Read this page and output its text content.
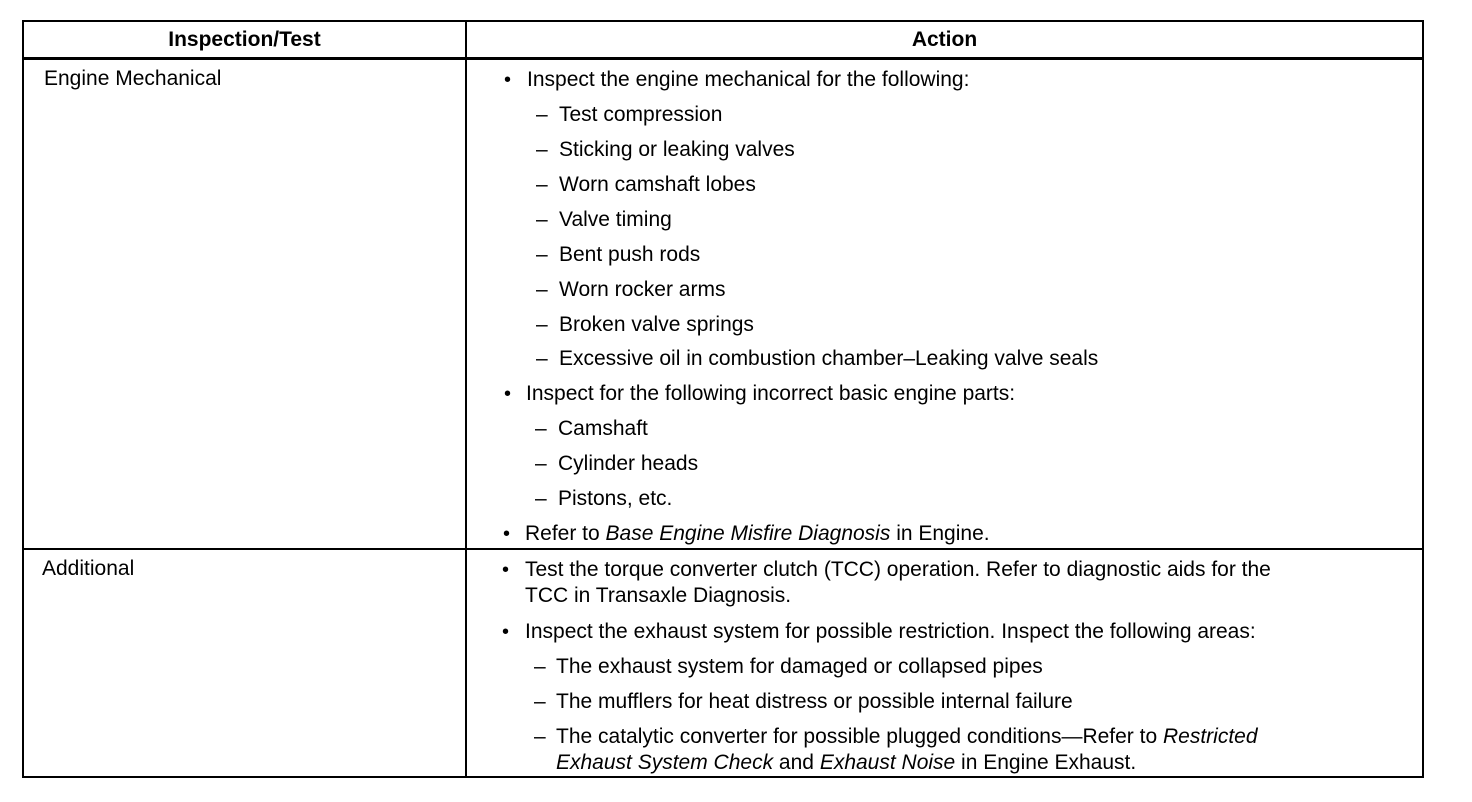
Inspection/Test	Action
Engine Mechanical	• Inspect the engine mechanical for the following:
– Test compression
– Sticking or leaking valves
– Worn camshaft lobes
– Valve timing
– Bent push rods
– Worn rocker arms
– Broken valve springs
– Excessive oil in combustion chamber–Leaking valve seals
• Inspect for the following incorrect basic engine parts:
– Camshaft
– Cylinder heads
– Pistons, etc.
• Refer to Base Engine Misfire Diagnosis in Engine.
Additional	• Test the torque converter clutch (TCC) operation. Refer to diagnostic aids for the
TCC in Transaxle Diagnosis.
• Inspect the exhaust system for possible restriction. Inspect the following areas:
– The exhaust system for damaged or collapsed pipes
– The mufflers for heat distress or possible internal failure
– The catalytic converter for possible plugged conditions—Refer to Restricted
Exhaust System Check and Exhaust Noise in Engine Exhaust.
